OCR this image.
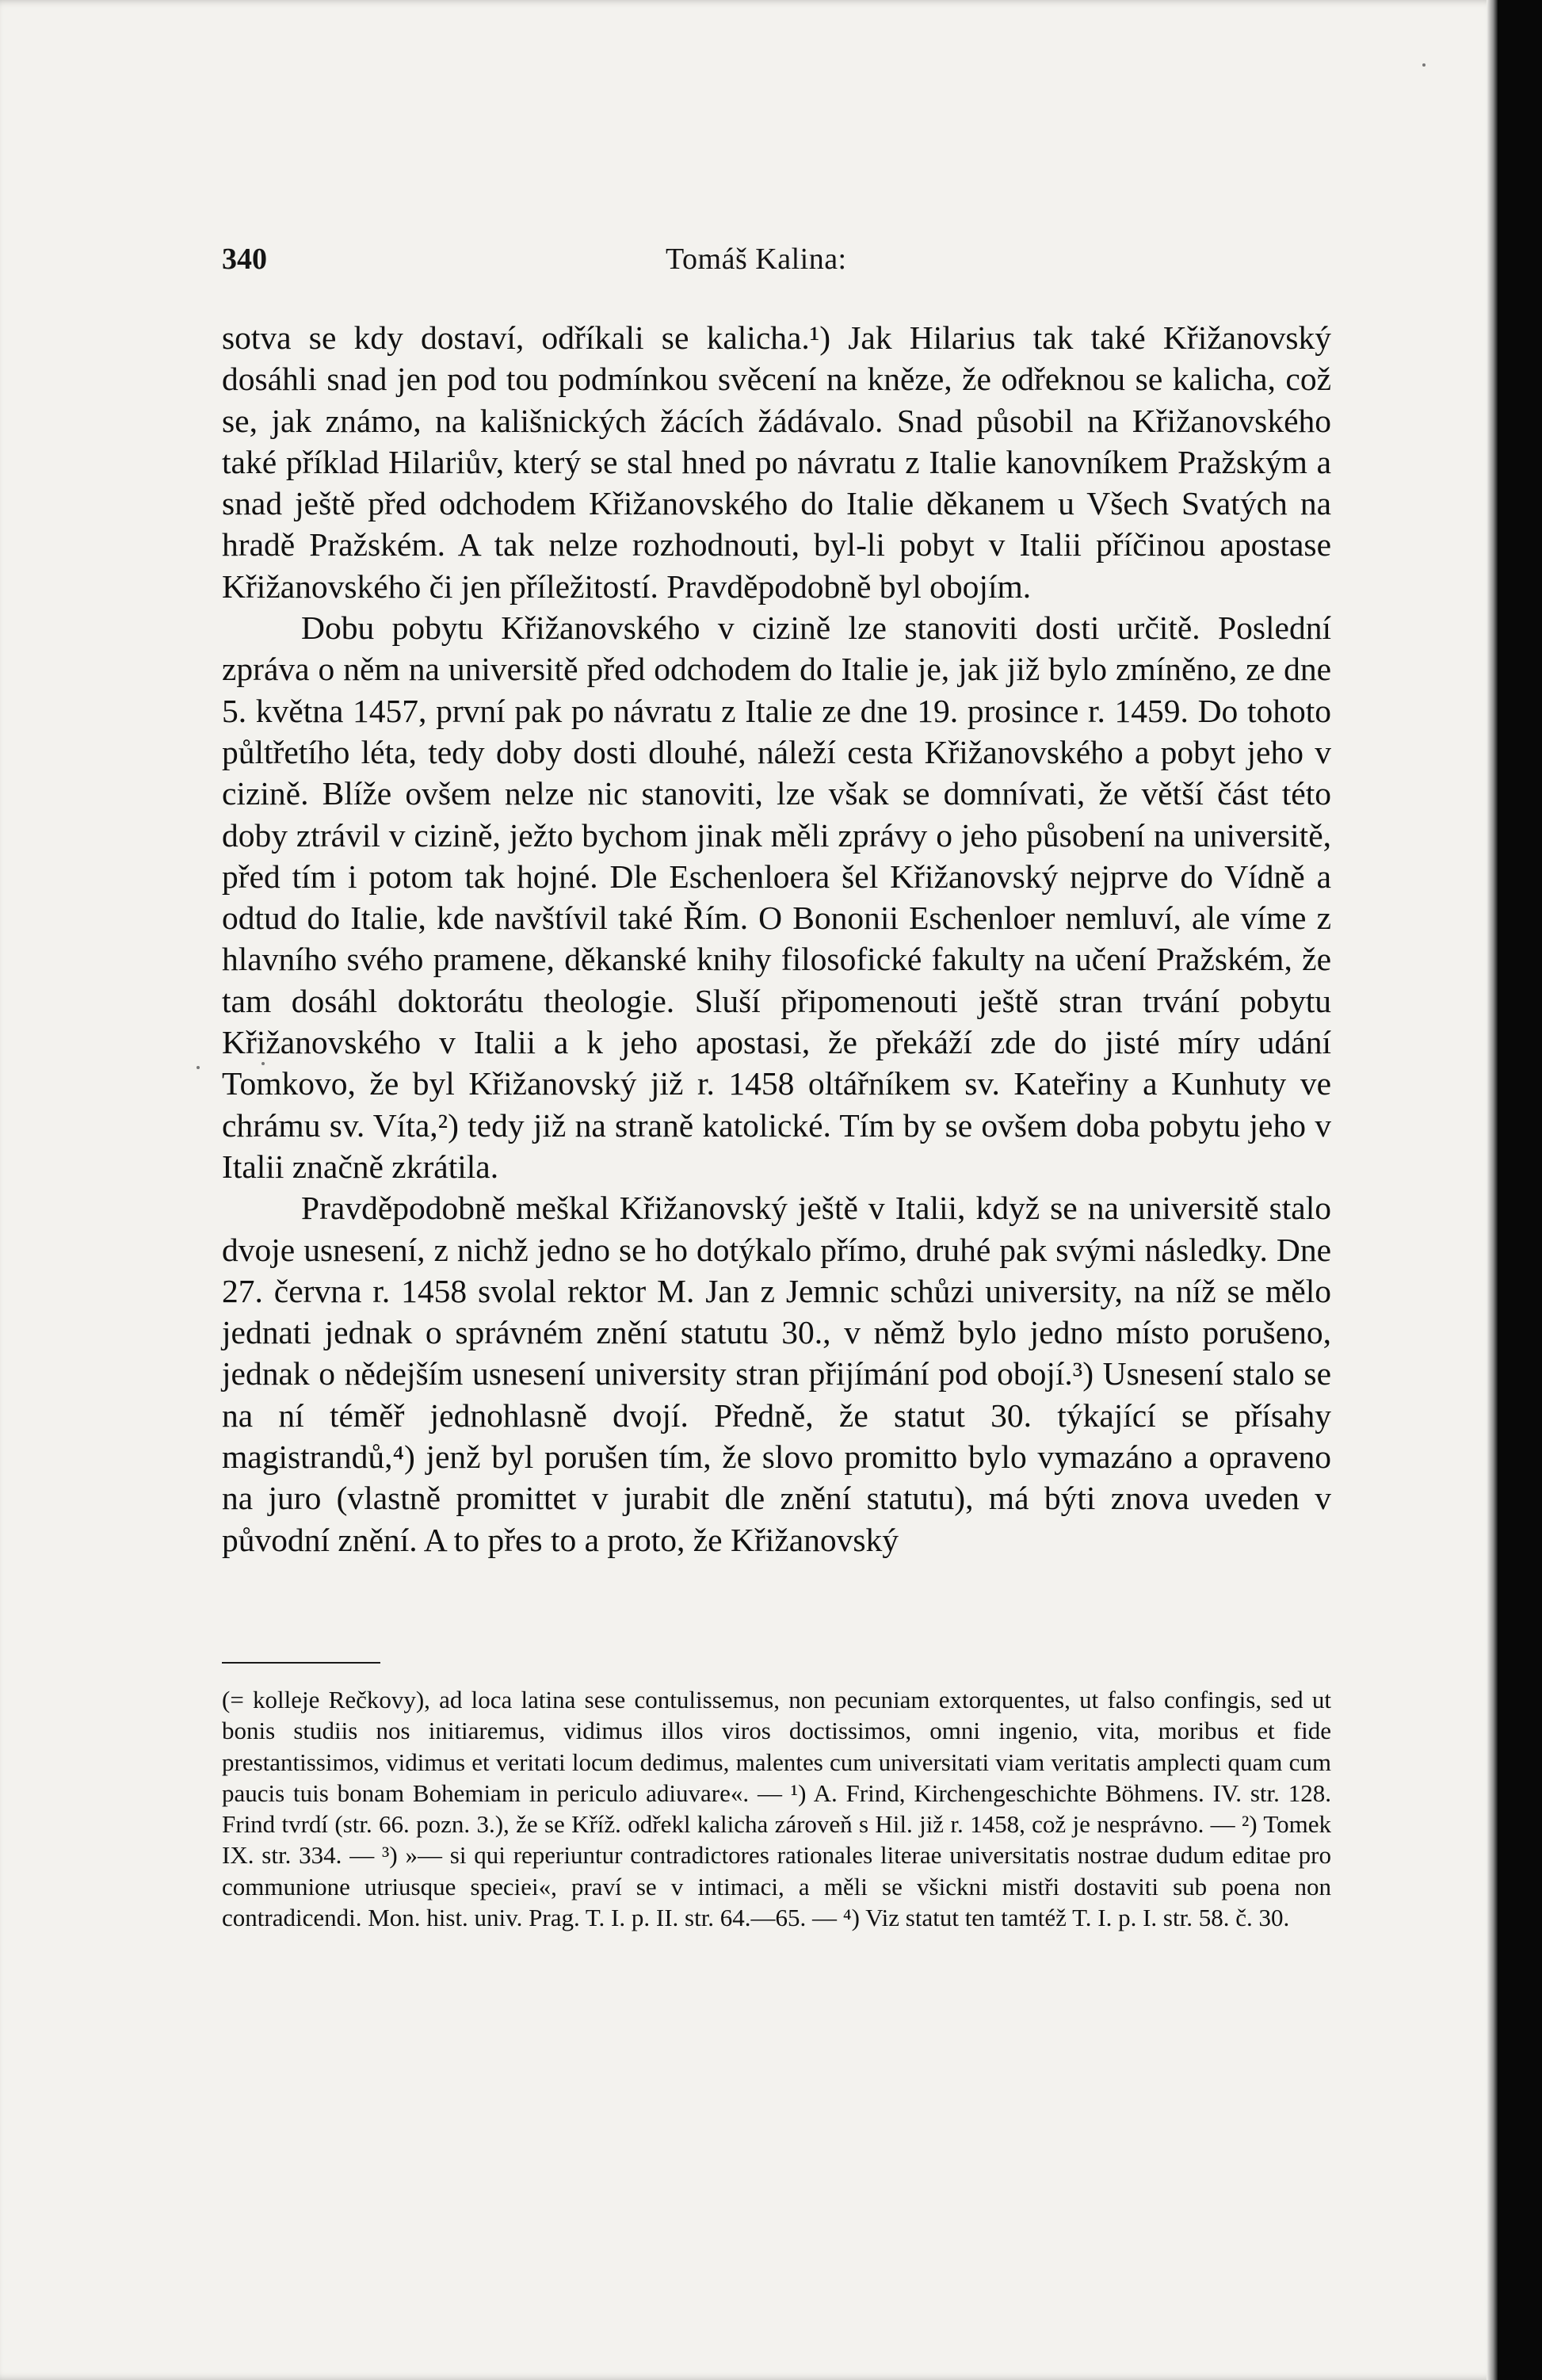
340	Tomáš Kalina:

sotva se kdy dostaví, odříkali se kalicha.¹) Jak Hilarius tak také Křižanovský dosáhli snad jen pod tou podmínkou svěcení na kněze, že odřeknou se kalicha, což se, jak známo, na kališnických žácích žádávalo. Snad působil na Křižanovského také příklad Hilariův, který se stal hned po návratu z Italie kanovníkem Pražským a snad ještě před odchodem Křižanovského do Italie děkanem u Všech Svatých na hradě Pražském. A tak nelze rozhodnouti, byl-li pobyt v Italii příčinou apostase Křižanovského či jen příležitostí. Pravděpodobně byl obojím.

Dobu pobytu Křižanovského v cizině lze stanoviti dosti určitě. Poslední zpráva o něm na universitě před odchodem do Italie je, jak již bylo zmíněno, ze dne 5. května 1457, první pak po návratu z Italie ze dne 19. prosince r. 1459. Do tohoto půltřetího léta, tedy doby dosti dlouhé, náleží cesta Křižanovského a pobyt jeho v cizině. Blíže ovšem nelze nic stanoviti, lze však se domnívati, že větší část této doby ztrávil v cizině, ježto bychom jinak měli zprávy o jeho působení na universitě, před tím i potom tak hojné. Dle Eschenloera šel Křižanovský nejprve do Vídně a odtud do Italie, kde navštívil také Řím. O Bononii Eschenloer nemluví, ale víme z hlavního svého pramene, děkanské knihy filosofické fakulty na učení Pražském, že tam dosáhl doktorátu theologie. Sluší připomenouti ještě stran trvání pobytu Křižanovského v Italii a k jeho apostasi, že překáží zde do jisté míry udání Tomkovo, že byl Křižanovský již r. 1458 oltářníkem sv. Kateřiny a Kunhuty ve chrámu sv. Víta,²) tedy již na straně katolické. Tím by se ovšem doba pobytu jeho v Italii značně zkrátila.

Pravděpodobně meškal Křižanovský ještě v Italii, když se na universitě stalo dvoje usnesení, z nichž jedno se ho dotýkalo přímo, druhé pak svými následky. Dne 27. června r. 1458 svolal rektor M. Jan z Jemnic schůzi university, na níž se mělo jednati jednak o správném znění statutu 30., v němž bylo jedno místo porušeno, jednak o nědejším usnesení university stran přijímání pod obojí.³) Usnesení stalo se na ní téměř jednohlasně dvojí. Předně, že statut 30. týkající se přísahy magistrandů,⁴) jenž byl porušen tím, že slovo promitto bylo vymazáno a opraveno na juro (vlastně promittet v jurabit dle znění statutu), má býti znova uveden v původní znění. A to přes to a proto, že Křižanovský

(= kolleje Rečkovy), ad loca latina sese contulissemus, non pecuniam extorquentes, ut falso confingis, sed ut bonis studiis nos initiaremus, vidimus illos viros doctissimos, omni ingenio, vita, moribus et fide prestantissimos, vidimus et veritati locum dedimus, malentes cum universitati viam veritatis amplecti quam cum paucis tuis bonam Bohemiam in periculo adiuvare«. — ¹) A. Frind, Kirchengeschichte Böhmens. IV. str. 128. Frind tvrdí (str. 66. pozn. 3.), že se Kříž. odřekl kalicha zároveň s Hil. již r. 1458, což je nesprávno. — ²) Tomek IX. str. 334. — ³) »— si qui reperiuntur contradictores rationales literae universitatis nostrae dudum editae pro communione utriusque speciei«, praví se v intimaci, a měli se všickni mistři dostaviti sub poena non contradicendi. Mon. hist. univ. Prag. T. I. p. II. str. 64.—65. — ⁴) Viz statut ten tamtéž T. I. p. I. str. 58. č. 30.
